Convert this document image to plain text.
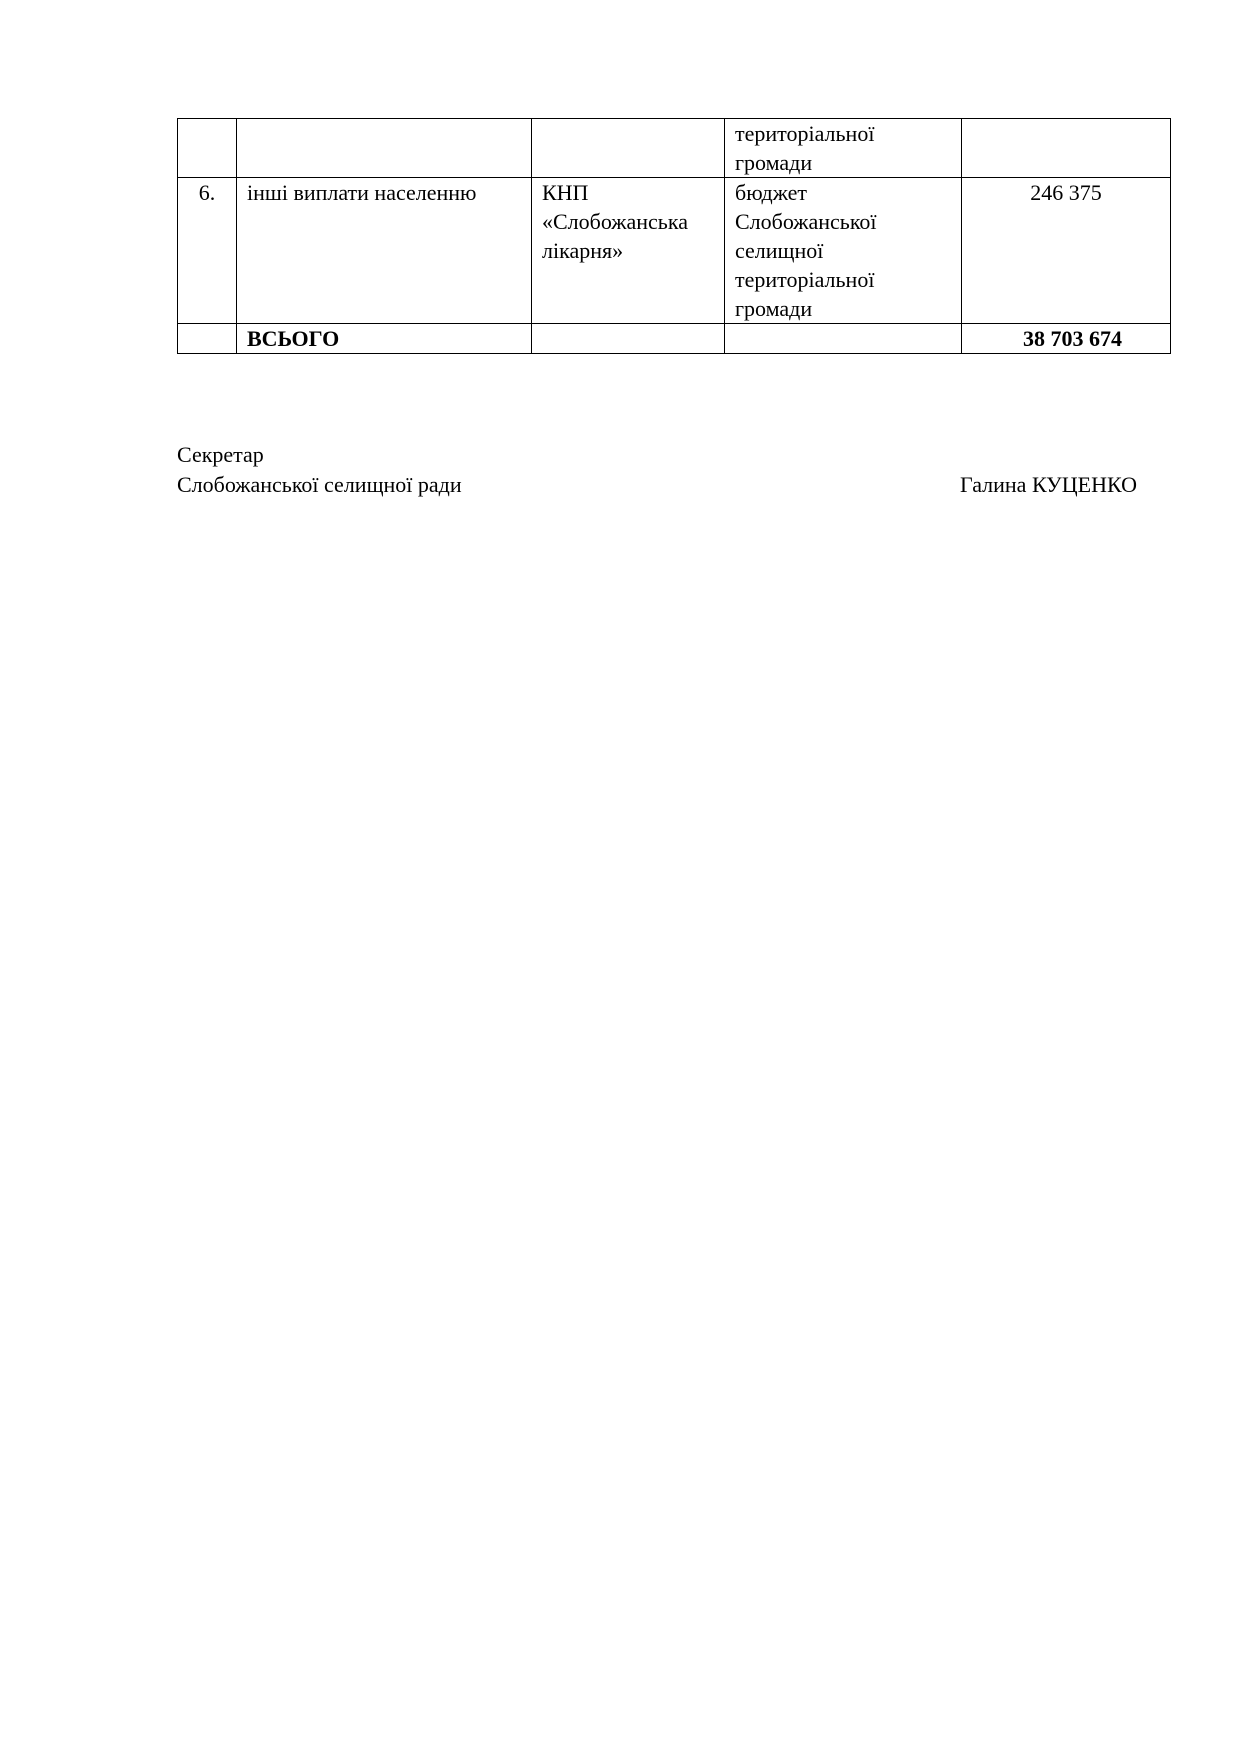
			територіальної
громади	

6.	інші виплати населенню	КНП
«Слобожанська
лікарня»	бюджет
Слобожанської
селищної
територіальної
громади	246 375
	ВСЬОГО			38 703 674
Секретар
Слобожанської селищної ради	Галина КУЦЕНКО
